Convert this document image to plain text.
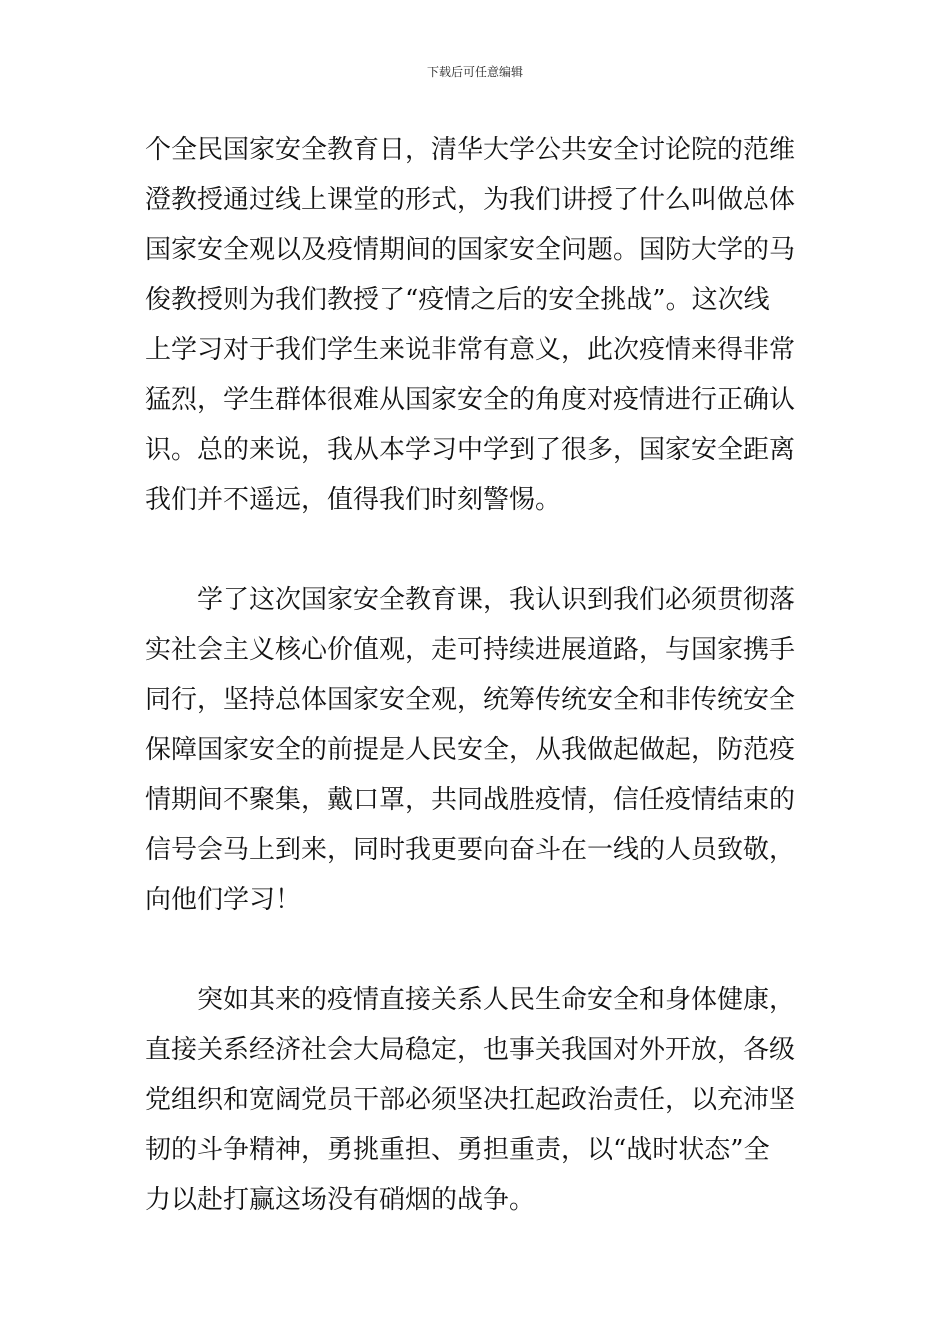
下载后可任意编辑
个全民国家安全教育日，清华大学公共安全讨论院的范维
澄教授通过线上课堂的形式，为我们讲授了什么叫做总体
国家安全观以及疫情期间的国家安全问题。国防大学的马
俊教授则为我们教授了“疫情之后的安全挑战”。这次线
上学习对于我们学生来说非常有意义，此次疫情来得非常
猛烈，学生群体很难从国家安全的角度对疫情进行正确认
识。总的来说，我从本学习中学到了很多，国家安全距离
我们并不遥远，值得我们时刻警惕。
　　学了这次国家安全教育课，我认识到我们必须贯彻落
实社会主义核心价值观，走可持续进展道路，与国家携手
同行，坚持总体国家安全观，统筹传统安全和非传统安全
保障国家安全的前提是人民安全，从我做起做起，防范疫
情期间不聚集，戴口罩，共同战胜疫情，信任疫情结束的
信号会马上到来，同时我更要向奋斗在一线的人员致敬，
向他们学习！
　　突如其来的疫情直接关系人民生命安全和身体健康，
直接关系经济社会大局稳定，也事关我国对外开放，各级
党组织和宽阔党员干部必须坚决扛起政治责任，以充沛坚
韧的斗争精神，勇挑重担、勇担重责，以“战时状态”全
力以赴打赢这场没有硝烟的战争。
